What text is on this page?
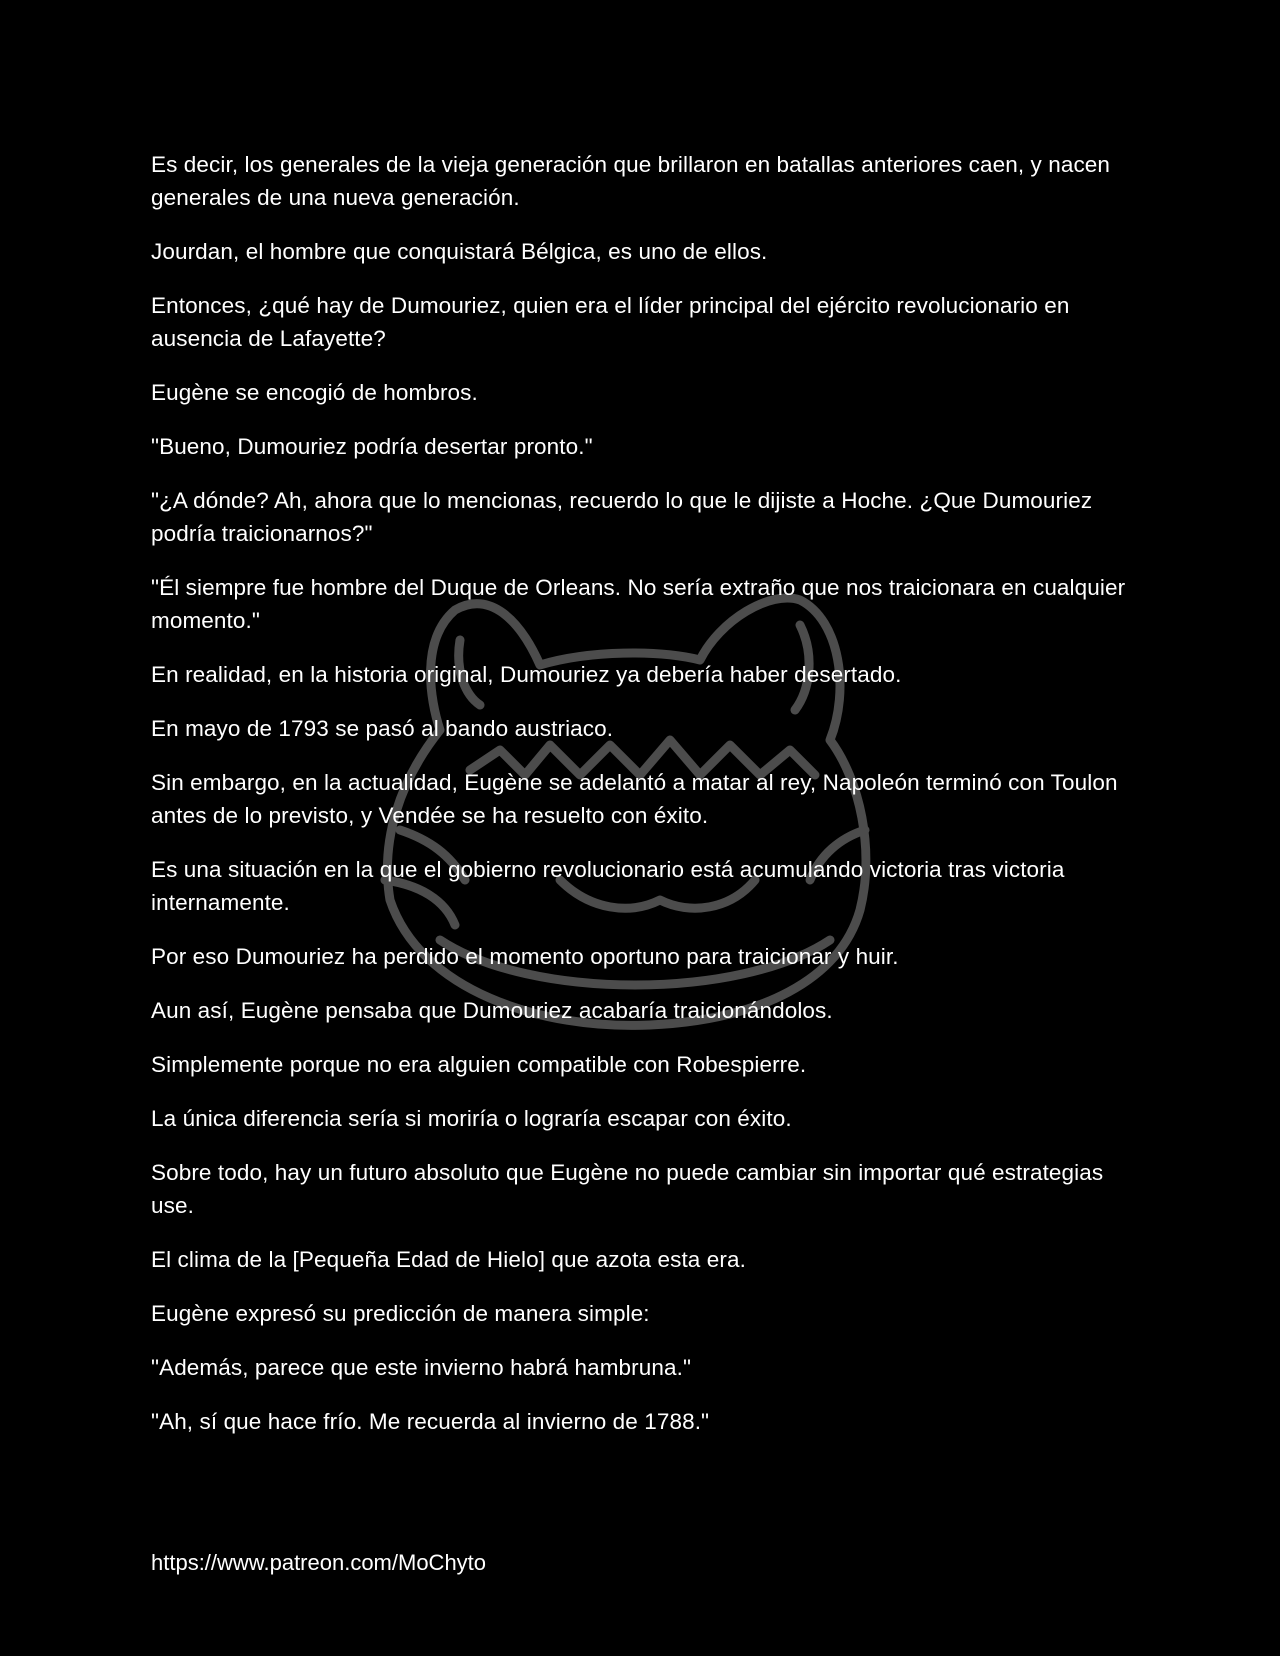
Es decir, los generales de la vieja generación que brillaron en batallas anteriores caen, y nacen generales de una nueva generación.

Jourdan, el hombre que conquistará Bélgica, es uno de ellos.

Entonces, ¿qué hay de Dumouriez, quien era el líder principal del ejército revolucionario en ausencia de Lafayette?

Eugène se encogió de hombros.

"Bueno, Dumouriez podría desertar pronto."

"¿A dónde? Ah, ahora que lo mencionas, recuerdo lo que le dijiste a Hoche. ¿Que Dumouriez podría traicionarnos?"

"Él siempre fue hombre del Duque de Orleans. No sería extraño que nos traicionara en cualquier momento."

En realidad, en la historia original, Dumouriez ya debería haber desertado.

En mayo de 1793 se pasó al bando austriaco.

Sin embargo, en la actualidad, Eugène se adelantó a matar al rey, Napoleón terminó con Toulon antes de lo previsto, y Vendée se ha resuelto con éxito.

Es una situación en la que el gobierno revolucionario está acumulando victoria tras victoria internamente.

Por eso Dumouriez ha perdido el momento oportuno para traicionar y huir.

Aun así, Eugène pensaba que Dumouriez acabaría traicionándolos.

Simplemente porque no era alguien compatible con Robespierre.

La única diferencia sería si moriría o lograría escapar con éxito.

Sobre todo, hay un futuro absoluto que Eugène no puede cambiar sin importar qué estrategias use.

El clima de la [Pequeña Edad de Hielo] que azota esta era.

Eugène expresó su predicción de manera simple:

"Además, parece que este invierno habrá hambruna."

"Ah, sí que hace frío. Me recuerda al invierno de 1788."

https://www.patreon.com/MoChyto
